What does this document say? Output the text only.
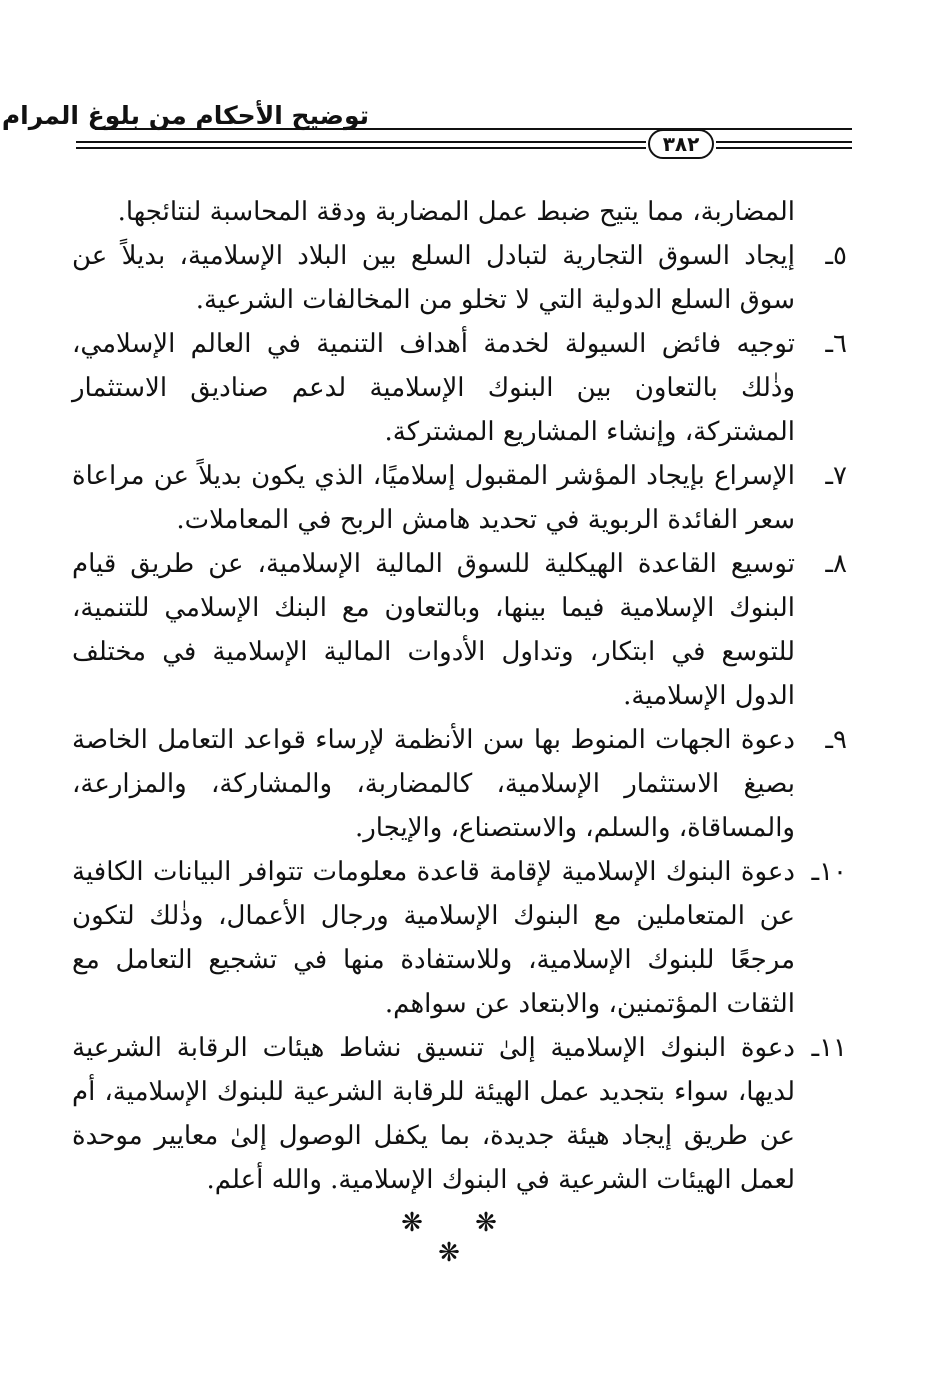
توضيح الأحكام من بلوغ المرام
٣٨٢

المضاربة، مما يتيح ضبط عمل المضاربة ودقة المحاسبة لنتائجها.

٥ـ
إيجاد السوق التجارية لتبادل السلع بين البلاد الإسلامية، بديلاً عن سوق السلع الدولية التي لا تخلو من المخالفات الشرعية.
٦ـ
توجيه فائض السيولة لخدمة أهداف التنمية في العالم الإسلامي، وذٰلك بالتعاون بين البنوك الإسلامية لدعم صناديق الاستثمار المشتركة، وإنشاء المشاريع المشتركة.
٧ـ
الإسراع بإيجاد المؤشر المقبول إسلاميًا، الذي يكون بديلاً عن مراعاة سعر الفائدة الربوية في تحديد هامش الربح في المعاملات.
٨ـ
توسيع القاعدة الهيكلية للسوق المالية الإسلامية، عن طريق قيام البنوك الإسلامية فيما بينها، وبالتعاون مع البنك الإسلامي للتنمية، للتوسع في ابتكار، وتداول الأدوات المالية الإسلامية في مختلف الدول الإسلامية.
٩ـ
دعوة الجهات المنوط بها سن الأنظمة لإرساء قواعد التعامل الخاصة بصيغ الاستثمار الإسلامية، كالمضاربة، والمشاركة، والمزارعة، والمساقاة، والسلم، والاستصناع، والإيجار.
١٠ـ
دعوة البنوك الإسلامية لإقامة قاعدة معلومات تتوافر البيانات الكافية عن المتعاملين مع البنوك الإسلامية ورجال الأعمال، وذٰلك لتكون مرجعًا للبنوك الإسلامية، وللاستفادة منها في تشجيع التعامل مع الثقات المؤتمنين، والابتعاد عن سواهم.
١١ـ
دعوة البنوك الإسلامية إلىٰ تنسيق نشاط هيئات الرقابة الشرعية لديها، سواء بتجديد عمل الهيئة للرقابة الشرعية للبنوك الإسلامية، أم عن طريق إيجاد هيئة جديدة، بما يكفل الوصول إلىٰ معايير موحدة لعمل الهيئات الشرعية في البنوك الإسلامية. والله أعلم.
❋ ❋ ❋
